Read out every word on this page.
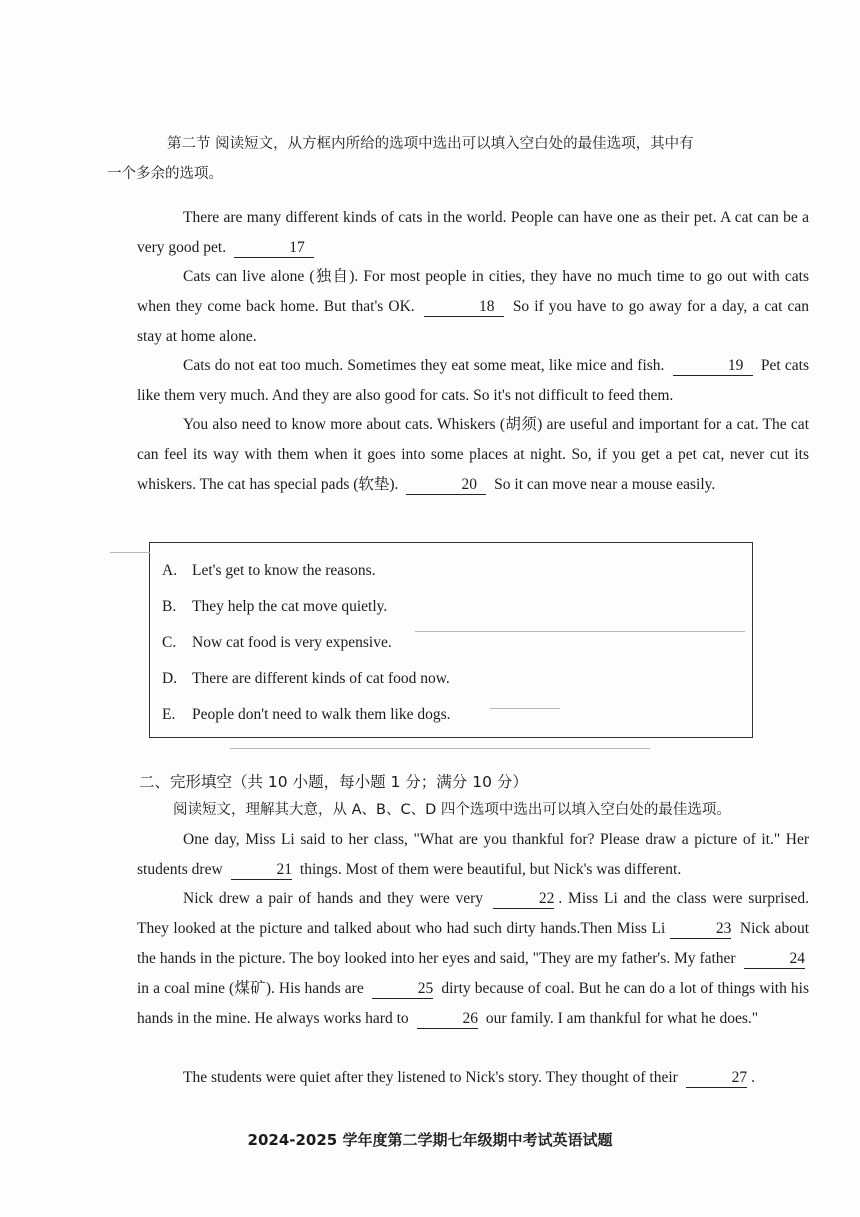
第二节 阅读短文，从方框内所给的选项中选出可以填入空白处的最佳选项，其中有
一个多余的选项。
There are many different kinds of cats in the world. People can have one as their pet. A cat can be a very good pet.	17
Cats can live alone (独自). For most people in cities, they have no much time to go out with cats when they come back home. But that's OK.	18 So if you have to go away for a day, a cat can stay at home alone.
Cats do not eat too much. Sometimes they eat some meat, like mice and fish.	19 Pet cats like them very much. And they are also good for cats. So it's not difficult to feed them.
You also need to know more about cats. Whiskers (胡须) are useful and important for a cat. The cat can feel its way with them when it goes into some places at night. So, if you get a pet cat, never cut its whiskers. The cat has special pads (软垫).	20 So it can move near a mouse easily.
A. Let's get to know the reasons.
B. They help the cat move quietly.
C. Now cat food is very expensive.
D. There are different kinds of cat food now.
E. People don't need to walk them like dogs.
二、完形填空（共 10 小题，每小题 1 分；满分 10 分）
阅读短文，理解其大意，从 A、B、C、D 四个选项中选出可以填入空白处的最佳选项。
One day, Miss Li said to her class, "What are you thankful for? Please draw a picture of it." Her students drew	21 things. Most of them were beautiful, but Nick's was different.
Nick drew a pair of hands and they were very	22 . Miss Li and the class were surprised. They looked at the picture and talked about who had such dirty hands.Then Miss Li	23 Nick about the hands in the picture. The boy looked into her eyes and said, "They are my father's. My father	24 in a coal mine (煤矿). His hands are	25 dirty because of coal. But he can do a lot of things with his hands in the mine. He always works hard to	26 our family. I am thankful for what he does."
The students were quiet after they listened to Nick's story. They thought of their	27 .
2024-2025 学年度第二学期七年级期中考试英语试题
